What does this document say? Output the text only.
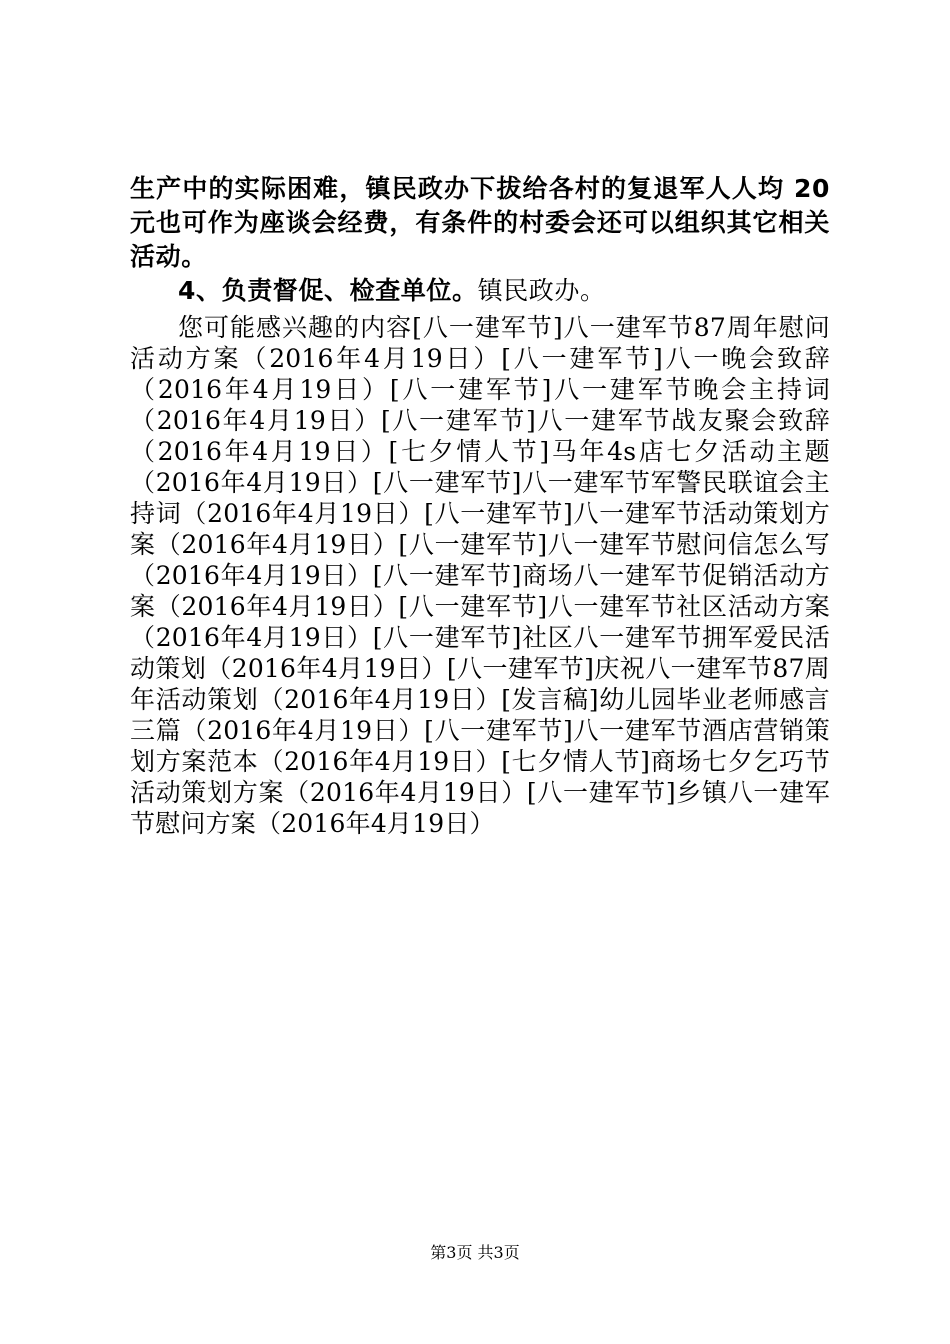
生产中的实际困难，镇民政办下拔给各村的复退军人人均 20 元也可作为座谈会经费，有条件的村委会还可以组织其它相关活动。

4、负责督促、检查单位。镇民政办。

您可能感兴趣的内容[八一建军节]八一建军节87周年慰问活动方案（2016年4月19日）[八一建军节]八一晚会致辞（2016年4月19日）[八一建军节]八一建军节晚会主持词（2016年4月19日）[八一建军节]八一建军节战友聚会致辞（2016年4月19日）[七夕情人节]马年4s店七夕活动主题（2016年4月19日）[八一建军节]八一建军节军警民联谊会主持词（2016年4月19日）[八一建军节]八一建军节活动策划方案（2016年4月19日）[八一建军节]八一建军节慰问信怎么写（2016年4月19日）[八一建军节]商场八一建军节促销活动方案（2016年4月19日）[八一建军节]八一建军节社区活动方案（2016年4月19日）[八一建军节]社区八一建军节拥军爱民活动策划（2016年4月19日）[八一建军节]庆祝八一建军节87周年活动策划（2016年4月19日）[发言稿]幼儿园毕业老师感言三篇（2016年4月19日）[八一建军节]八一建军节酒店营销策划方案范本（2016年4月19日）[七夕情人节]商场七夕乞巧节活动策划方案（2016年4月19日）[八一建军节]乡镇八一建军节慰问方案（2016年4月19日）

第3页 共3页
